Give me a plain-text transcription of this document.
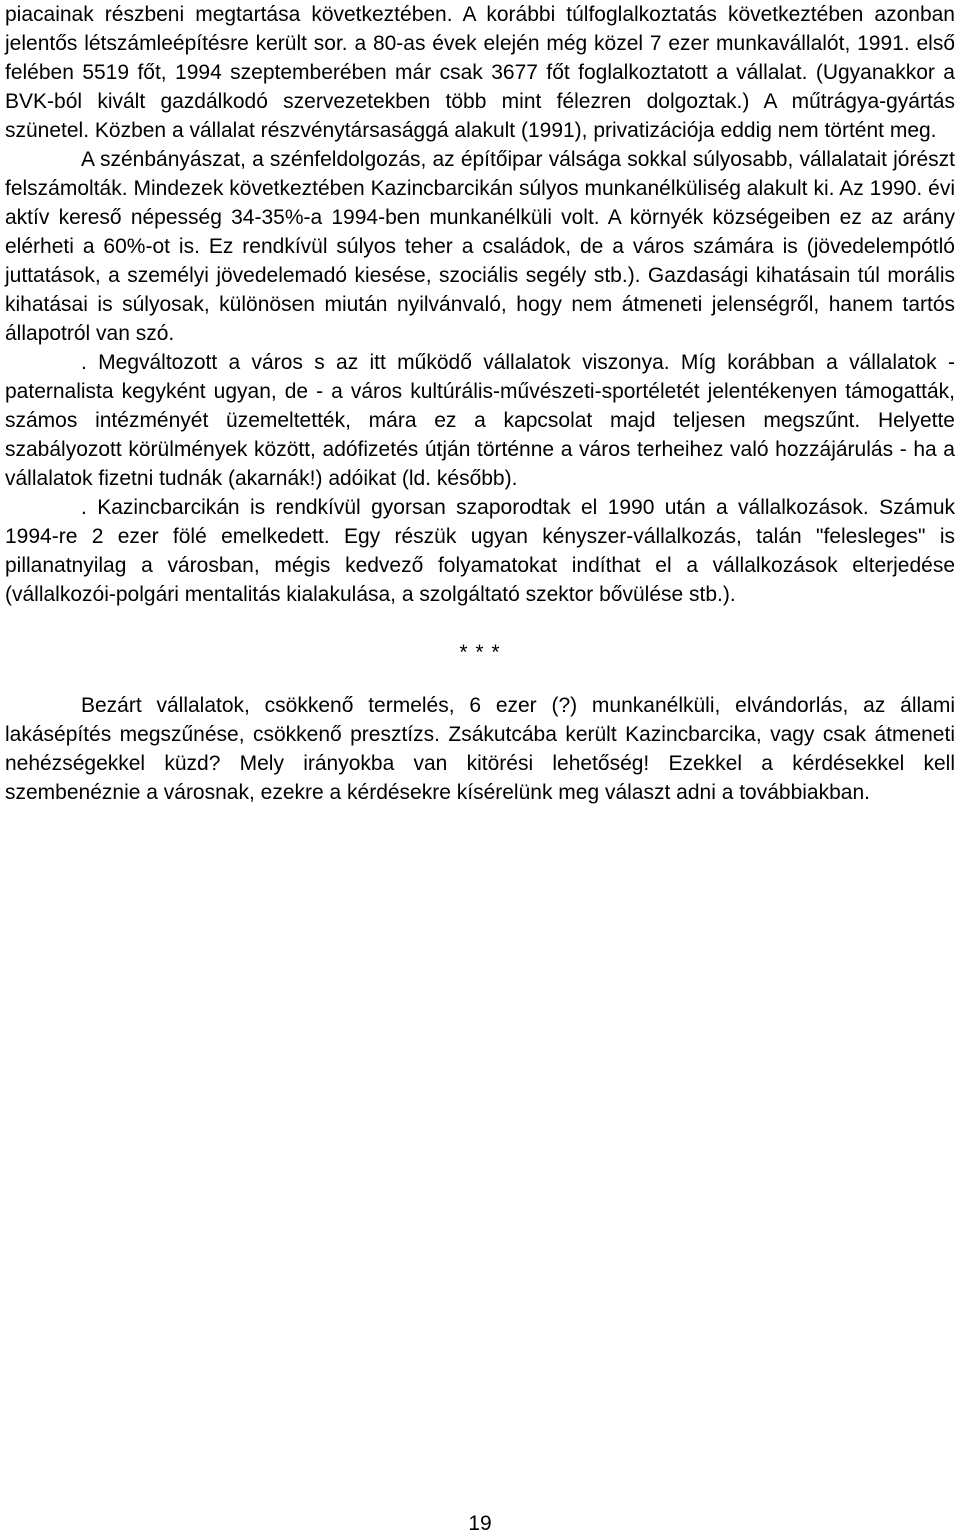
piacainak részbeni megtartása következtében. A korábbi túlfoglalkoztatás következtében azonban jelentős létszámleépítésre került sor. a 80-as évek elején még közel 7 ezer munkavállalót, 1991. első felében 5519 főt, 1994 szeptemberében már csak 3677 főt foglalkoztatott a vállalat. (Ugyanakkor a BVK-ból kivált gazdálkodó szervezetekben több mint félezren dolgoztak.) A műtrágya-gyártás szünetel. Közben a vállalat részvénytársasággá alakult (1991), privatizációja eddig nem történt meg.

A szénbányászat, a szénfeldolgozás, az építőipar válsága sokkal súlyosabb, vállalatait jórészt felszámolták. Mindezek következtében Kazincbarcikán súlyos munkanélküliség alakult ki. Az 1990. évi aktív kereső népesség 34-35%-a 1994-ben munkanélküli volt. A környék községeiben ez az arány elérheti a 60%-ot is. Ez rendkívül súlyos teher a családok, de a város számára is (jövedelempótló juttatások, a személyi jövedelemadó kiesése, szociális segély stb.). Gazdasági kihatásain túl morális kihatásai is súlyosak, különösen miután nyilvánvaló, hogy nem átmeneti jelenségről, hanem tartós állapotról van szó.

. Megváltozott a város s az itt működő vállalatok viszonya. Míg korábban a vállalatok - paternalista kegyként ugyan, de - a város kultúrális-művészeti-sportéletét jelentékenyen támogatták, számos intézményét üzemeltették, mára ez a kapcsolat majd teljesen megszűnt. Helyette szabályozott körülmények között, adófizetés útján történne a város terheihez való hozzájárulás - ha a vállalatok fizetni tudnák (akarnák!) adóikat (ld. később).

. Kazincbarcikán is rendkívül gyorsan szaporodtak el 1990 után a vállalkozások. Számuk 1994-re 2 ezer fölé emelkedett. Egy részük ugyan kényszer-vállalkozás, talán "felesleges" is pillanatnyilag a városban, mégis kedvező folyamatokat indíthat el a vállalkozások elterjedése (vállalkozói-polgári mentalitás kialakulása, a szolgáltató szektor bővülése stb.).

* * *

Bezárt vállalatok, csökkenő termelés, 6 ezer (?) munkanélküli, elvándorlás, az állami lakásépítés megszűnése, csökkenő presztízs. Zsákutcába került Kazincbarcika, vagy csak átmeneti nehézségekkel küzd? Mely irányokba van kitörési lehetőség! Ezekkel a kérdésekkel kell szembenéznie a városnak, ezekre a kérdésekre kísérelünk meg választ adni a továbbiakban.

19
